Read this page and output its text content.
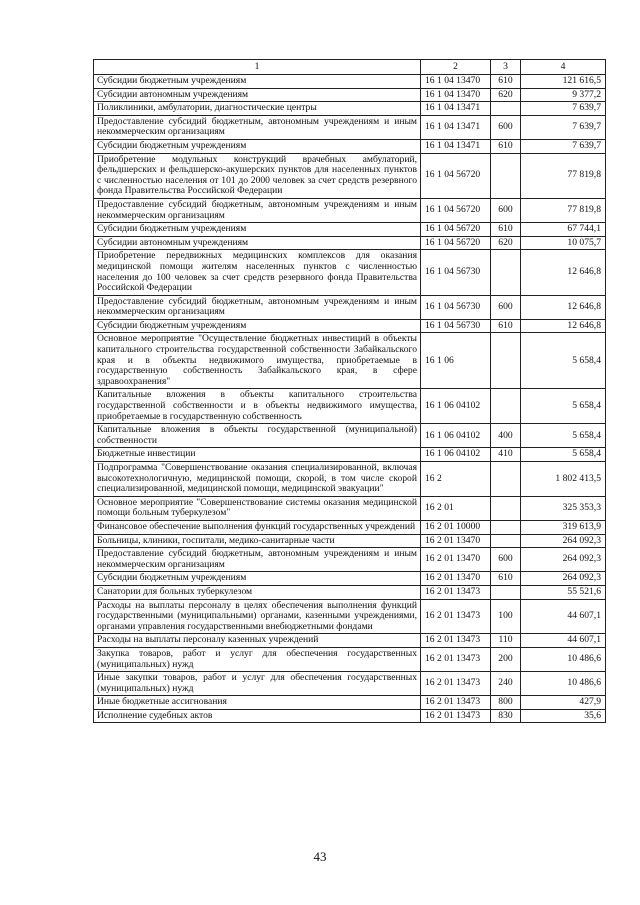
1	2	3	4
Субсидии бюджетным учреждениям	16 1 04 13470	610	121 616,5
Субсидии автономным учреждениям	16 1 04 13470	620	9 377,2
Поликлиники, амбулатории, диагностические центры	16 1 04 13471		7 639,7
Предоставление субсидий бюджетным, автономным учреждениям и иным некоммерческим организациям	16 1 04 13471	600	7 639,7
Субсидии бюджетным учреждениям	16 1 04 13471	610	7 639,7
Приобретение модульных конструкций врачебных амбулаторий, фельдшерских и фельдшерско-акушерских пунктов для населенных пунктов с численностью населения от 101 до 2000 человек за счет средств резервного фонда Правительства Российской Федерации	16 1 04 56720		77 819,8
Предоставление субсидий бюджетным, автономным учреждениям и иным некоммерческим организациям	16 1 04 56720	600	77 819,8
Субсидии бюджетным учреждениям	16 1 04 56720	610	67 744,1
Субсидии автономным учреждениям	16 1 04 56720	620	10 075,7
Приобретение передвижных медицинских комплексов для оказания медицинской помощи жителям населенных пунктов с численностью населения до 100 человек за счет средств резервного фонда Правительства Российской Федерации	16 1 04 56730		12 646,8
Предоставление субсидий бюджетным, автономным учреждениям и иным некоммерческим организациям	16 1 04 56730	600	12 646,8
Субсидии бюджетным учреждениям	16 1 04 56730	610	12 646,8
Основное мероприятие "Осуществление бюджетных инвестиций в объекты капитального строительства государственной собственности Забайкальского края и в объекты недвижимого имущества, приобретаемые в государственную собственность Забайкальского края, в сфере здравоохранения"	16 1 06		5 658,4
Капитальные вложения в объекты капитального строительства государственной собственности и в объекты недвижимого имущества, приобретаемые в государственную собственность	16 1 06 04102		5 658,4
Капитальные вложения в объекты государственной (муниципальной) собственности	16 1 06 04102	400	5 658,4
Бюджетные инвестиции	16 1 06 04102	410	5 658,4
Подпрограмма "Совершенствование оказания специализированной, включая высокотехнологичную, медицинской помощи, скорой, в том числе скорой специализированной, медицинской помощи, медицинской эвакуации"	16 2		1 802 413,5
Основное мероприятие "Совершенствование системы оказания медицинской помощи больным туберкулезом"	16 2 01		325 353,3
Финансовое обеспечение выполнения функций государственных учреждений	16 2 01 10000		319 613,9
Больницы, клиники, госпитали, медико-санитарные части	16 2 01 13470		264 092,3
Предоставление субсидий бюджетным, автономным учреждениям и иным некоммерческим организациям	16 2 01 13470	600	264 092,3
Субсидии бюджетным учреждениям	16 2 01 13470	610	264 092,3
Санатории для больных туберкулезом	16 2 01 13473		55 521,6
Расходы на выплаты персоналу в целях обеспечения выполнения функций государственными (муниципальными) органами, казенными учреждениями, органами управления государственными внебюджетными фондами	16 2 01 13473	100	44 607,1
Расходы на выплаты персоналу казенных учреждений	16 2 01 13473	110	44 607,1
Закупка товаров, работ и услуг для обеспечения государственных (муниципальных) нужд	16 2 01 13473	200	10 486,6
Иные закупки товаров, работ и услуг для обеспечения государственных (муниципальных) нужд	16 2 01 13473	240	10 486,6
Иные бюджетные ассигнования	16 2 01 13473	800	427,9
Исполнение судебных актов	16 2 01 13473	830	35,6
43
